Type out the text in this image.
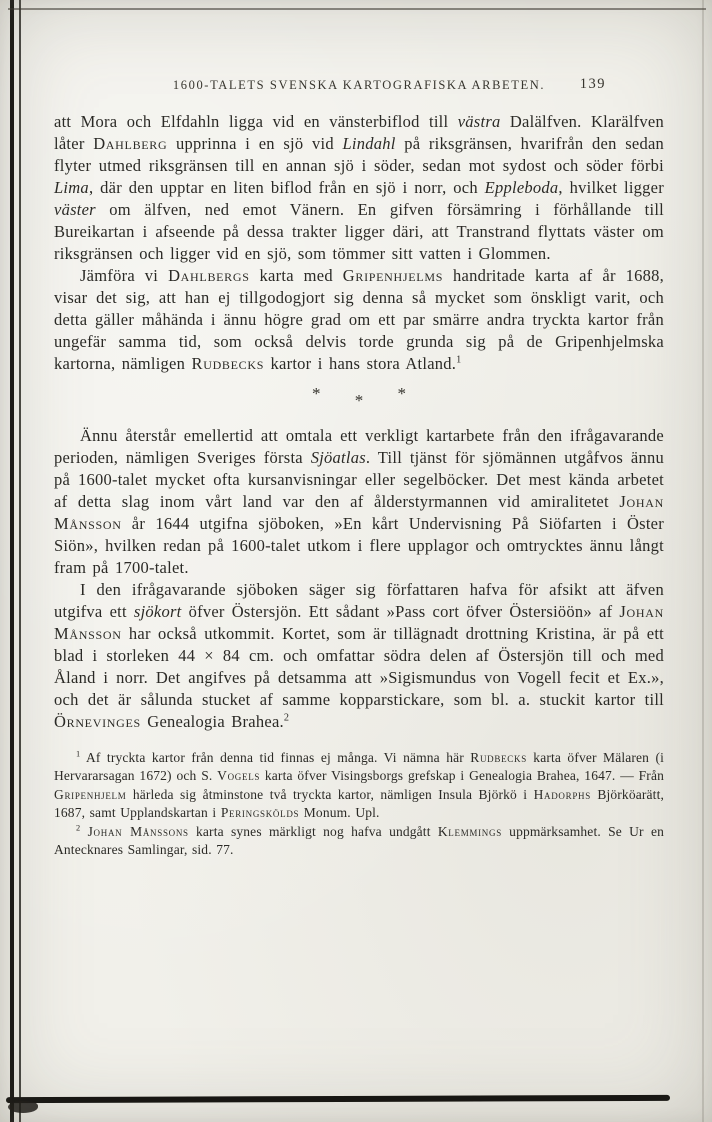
1600-TALETS SVENSKA KARTOGRAFISKA ARBETEN. 139

att Mora och Elfdahln ligga vid en vänsterbiflod till västra Dalälfven. Klarälfven låter Dahlberg upprinna i en sjö vid Lindahl på riksgränsen, hvarifrån den sedan flyter utmed riksgränsen till en annan sjö i söder, sedan mot sydost och söder förbi Lima, där den upptar en liten biflod från en sjö i norr, och Eppleboda, hvilket ligger väster om älfven, ned emot Vänern. En gifven försämring i förhållande till Bureikartan i afseende på dessa trakter ligger däri, att Transtrand flyttats väster om riksgränsen och ligger vid en sjö, som tömmer sitt vatten i Glommen.

Jämföra vi Dahlbergs karta med Gripenhjelms handritade karta af år 1688, visar det sig, att han ej tillgodogjort sig denna så mycket som önskligt varit, och detta gäller måhända i ännu högre grad om ett par smärre andra tryckta kartor från ungefär samma tid, som också delvis torde grunda sig på de Gripenhjelmska kartorna, nämligen Rudbecks kartor i hans stora Atland.$^1$

* * *

Ännu återstår emellertid att omtala ett verkligt kartarbete från den ifrågavarande perioden, nämligen Sveriges första Sjöatlas. Till tjänst för sjömännen utgåfvos ännu på 1600-talet mycket ofta kursanvisningar eller segelböcker. Det mest kända arbetet af detta slag inom vårt land var den af ålderstyrmannen vid amiralitetet Johan Månsson år 1644 utgifna sjöboken, »En kårt Undervisning På Siöfarten i Öster Siön», hvilken redan på 1600-talet utkom i flere upplagor och omtrycktes ännu långt fram på 1700-talet.

I den ifrågavarande sjöboken säger sig författaren hafva för afsikt att äfven utgifva ett sjökort öfver Östersjön. Ett sådant »Pass cort öfver Östersiöön» af Johan Månsson har också utkommit. Kortet, som är tillägnadt drottning Kristina, är på ett blad i storleken 44 × 84 cm. och omfattar södra delen af Östersjön till och med Åland i norr. Det angifves på detsamma att »Sigismundus von Vogell fecit et Ex.», och det är sålunda stucket af samme kopparstickare, som bl. a. stuckit kartor till Örnevinges Genealogia Brahea.$^2$

$^1$ Af tryckta kartor från denna tid finnas ej många. Vi nämna här Rudbecks karta öfver Mälaren (i Hervararsagan 1672) och S. Vogels karta öfver Visingsborgs grefskap i Genealogia Brahea, 1647. — Från Gripenhjelm härleda sig åtminstone två tryckta kartor, nämligen Insula Björkö i Hadorphs Björköarätt, 1687, samt Upplandskartan i Peringskölds Monum. Upl.

$^2$ Johan Månssons karta synes märkligt nog hafva undgått Klemmings uppmärksamhet. Se Ur en Antecknares Samlingar, sid. 77.
